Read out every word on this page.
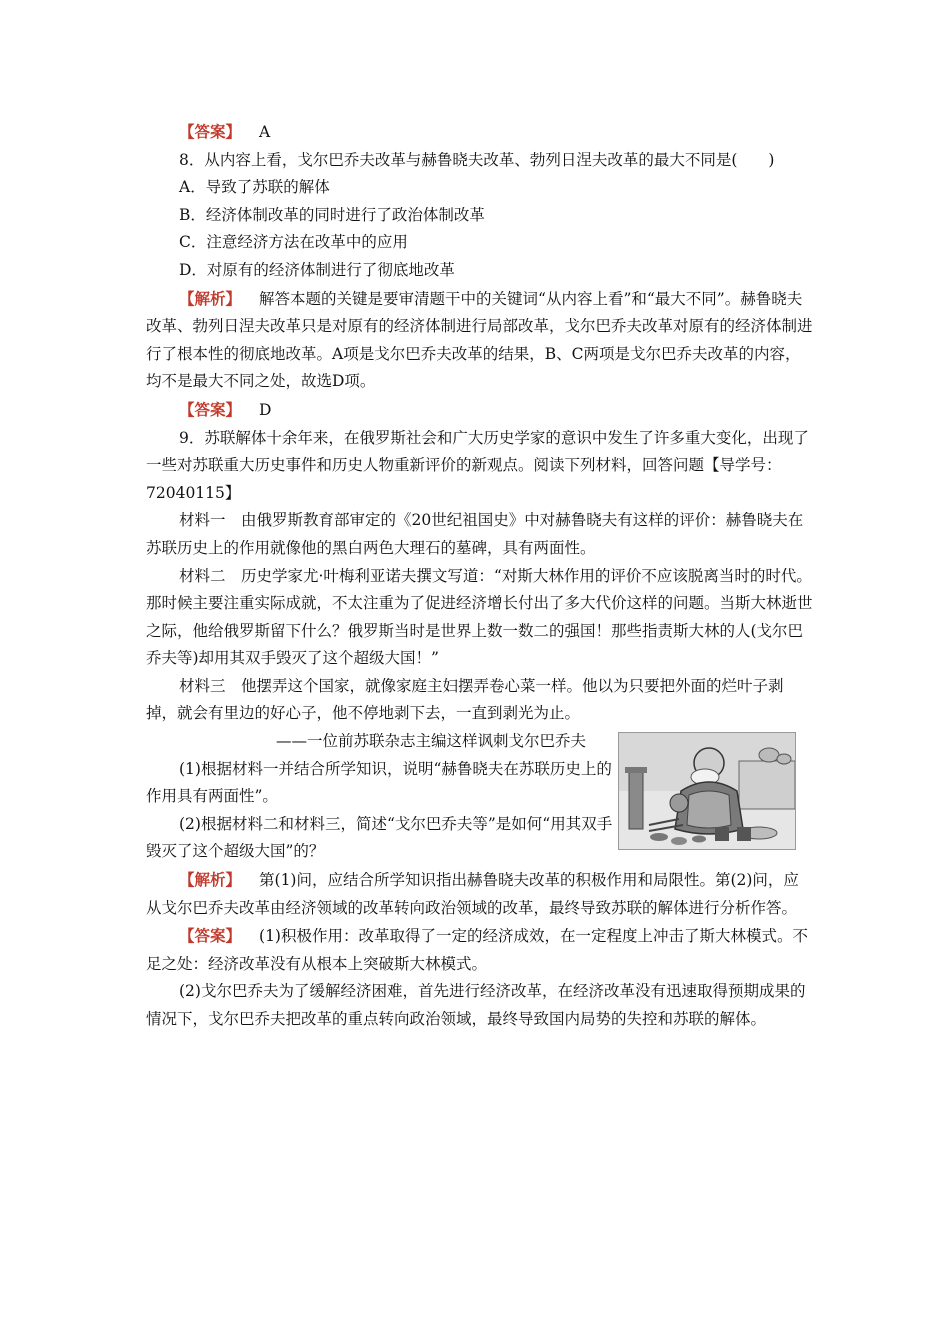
【答案】 A

8．从内容上看，戈尔巴乔夫改革与赫鲁晓夫改革、勃列日涅夫改革的最大不同是(　　)

A．导致了苏联的解体

B．经济体制改革的同时进行了政治体制改革

C．注意经济方法在改革中的应用

D．对原有的经济体制进行了彻底地改革

【解析】 解答本题的关键是要审清题干中的关键词“从内容上看”和“最大不同”。赫鲁晓夫改革、勃列日涅夫改革只是对原有的经济体制进行局部改革，戈尔巴乔夫改革对原有的经济体制进行了根本性的彻底地改革。A项是戈尔巴乔夫改革的结果，B、C两项是戈尔巴乔夫改革的内容，均不是最大不同之处，故选D项。

【答案】 D

9．苏联解体十余年来，在俄罗斯社会和广大历史学家的意识中发生了许多重大变化，出现了一些对苏联重大历史事件和历史人物重新评价的新观点。阅读下列材料，回答问题【导学号：72040115】

材料一　由俄罗斯教育部审定的《20世纪祖国史》中对赫鲁晓夫有这样的评价：赫鲁晓夫在苏联历史上的作用就像他的黑白两色大理石的墓碑，具有两面性。

材料二　历史学家尤·叶梅利亚诺夫撰文写道：“对斯大林作用的评价不应该脱离当时的时代。那时候主要注重实际成就，不太注重为了促进经济增长付出了多大代价这样的问题。当斯大林逝世之际，他给俄罗斯留下什么？俄罗斯当时是世界上数一数二的强国！那些指责斯大林的人(戈尔巴乔夫等)却用其双手毁灭了这个超级大国！”

材料三　他摆弄这个国家，就像家庭主妇摆弄卷心菜一样。他以为只要把外面的烂叶子剥掉，就会有里边的好心子，他不停地剥下去，一直到剥光为止。

——一位前苏联杂志主编这样讽刺戈尔巴乔夫

(1)根据材料一并结合所学知识，说明“赫鲁晓夫在苏联历史上的作用具有两面性”。

(2)根据材料二和材料三，简述“戈尔巴乔夫等”是如何“用其双手毁灭了这个超级大国”的？

【解析】 第(1)问，应结合所学知识指出赫鲁晓夫改革的积极作用和局限性。第(2)问，应从戈尔巴乔夫改革由经济领域的改革转向政治领域的改革，最终导致苏联的解体进行分析作答。

【答案】 (1)积极作用：改革取得了一定的经济成效，在一定程度上冲击了斯大林模式。不足之处：经济改革没有从根本上突破斯大林模式。

(2)戈尔巴乔夫为了缓解经济困难，首先进行经济改革，在经济改革没有迅速取得预期成果的情况下，戈尔巴乔夫把改革的重点转向政治领域，最终导致国内局势的失控和苏联的解体。
